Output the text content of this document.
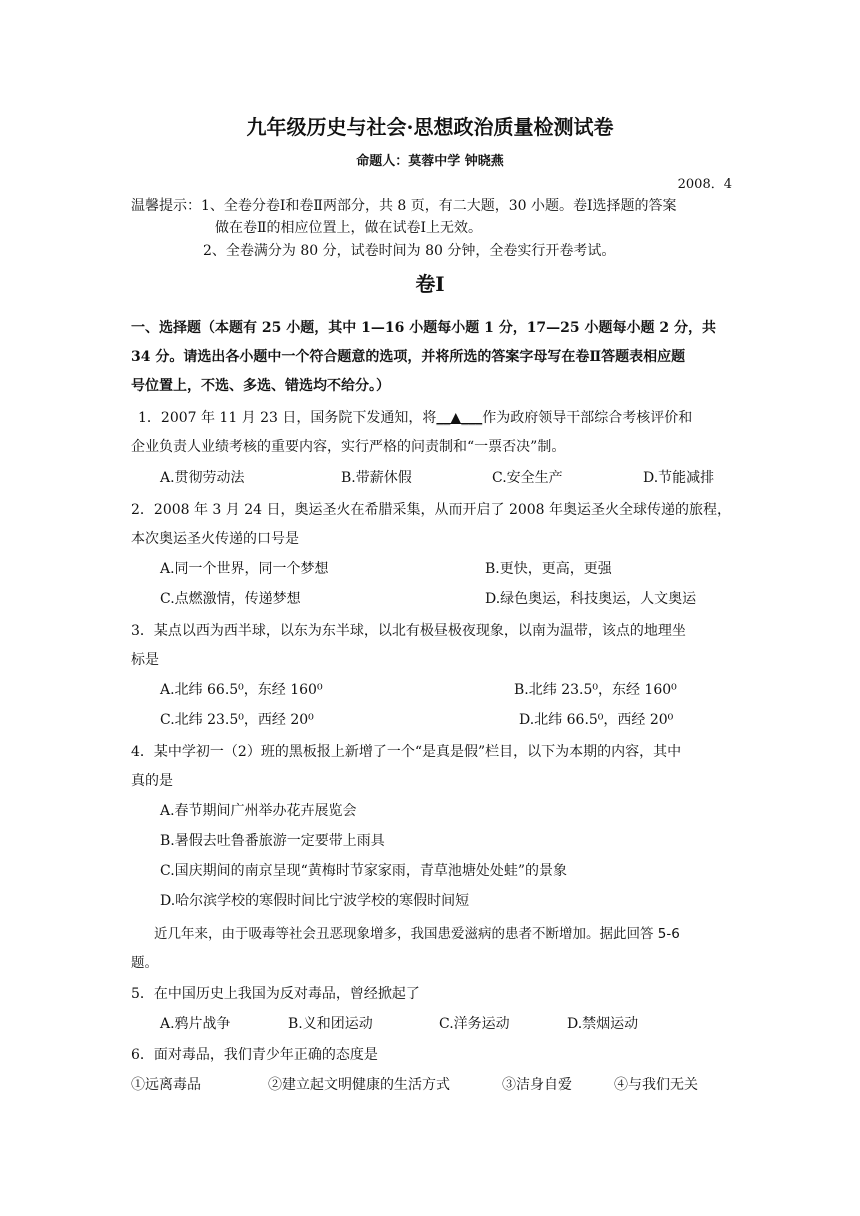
九年级历史与社会·思想政治质量检测试卷
命题人：莫蓉中学 钟晓燕
2008．4
温馨提示：1、全卷分卷Ⅰ和卷Ⅱ两部分，共 8 页，有二大题，30 小题。卷Ⅰ选择题的答案
做在卷Ⅱ的相应位置上，做在试卷Ⅰ上无效。
2、全卷满分为 80 分，试卷时间为 80 分钟，全卷实行开卷考试。
卷Ⅰ
一、选择题（本题有 25 小题，其中 1—16 小题每小题 1 分，17—25 小题每小题 2 分，共
34 分。请选出各小题中一个符合题意的选项，并将所选的答案字母写在卷Ⅱ答题表相应题
号位置上，不选、多选、错选均不给分。）
1．2007 年 11 月 23 日，国务院下发通知，将__▲___作为政府领导干部综合考核评价和
企业负责人业绩考核的重要内容，实行严格的问责制和“一票否决”制。
A.贯彻劳动法	B.带薪休假	C.安全生产	D.节能减排
2．2008 年 3 月 24 日，奥运圣火在希腊采集，从而开启了 2008 年奥运圣火全球传递的旅程，
本次奥运圣火传递的口号是
A.同一个世界，同一个梦想	B.更快，更高，更强
C.点燃激情，传递梦想	D.绿色奥运，科技奥运，人文奥运
3．某点以西为西半球，以东为东半球，以北有极昼极夜现象，以南为温带，该点的地理坐
标是
A.北纬 66.5⁰，东经 160⁰	B.北纬 23.5⁰，东经 160⁰
C.北纬 23.5⁰，西经 20⁰	D.北纬 66.5⁰，西经 20⁰
4．某中学初一（2）班的黑板报上新增了一个“是真是假”栏目，以下为本期的内容，其中
真的是
A.春节期间广州举办花卉展览会
B.暑假去吐鲁番旅游一定要带上雨具
C.国庆期间的南京呈现“黄梅时节家家雨，青草池塘处处蛙”的景象
D.哈尔滨学校的寒假时间比宁波学校的寒假时间短
近几年来，由于吸毒等社会丑恶现象增多，我国患爱滋病的患者不断增加。据此回答 5-6
题。
5．在中国历史上我国为反对毒品，曾经掀起了
A.鸦片战争	B.义和团运动	C.洋务运动	D.禁烟运动
6．面对毒品，我们青少年正确的态度是
①远离毒品	②建立起文明健康的生活方式	③洁身自爱	④与我们无关
